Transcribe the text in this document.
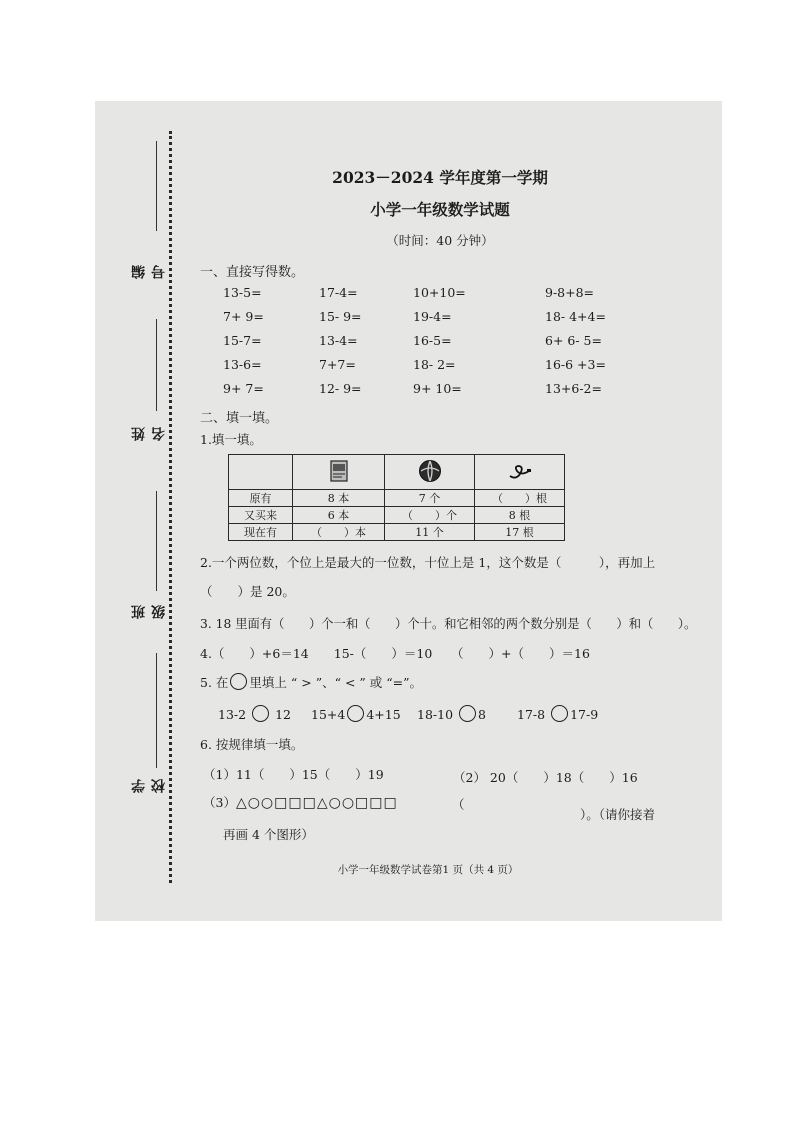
编号
姓名
班级
学校
2023－2024 学年度第一学期
小学一年级数学试题
（时间：40 分钟）
一、直接写得数。
13-5=	17-4=	10+10=	9-8+8=
7+ 9=	15- 9=	19-4=	18- 4+4=
15-7=	13-4=	16-5=	6+ 6- 5=
13-6=	7+7=	18- 2=	16-6 +3=
9+ 7=	12- 9=	9+ 10=	13+6-2=
二、填一填。
1.填一填。

原有	8 本	7 个	（　　）根
又买来	6 本	（　　）个	8 根
现在有	（　　）本	11 个	17 根
2.一个两位数，个位上是最大的一位数，十位上是 1，这个数是（　　　），再加上
（　　）是 20。
3. 18 里面有（　　）个一和（　　）个十。和它相邻的两个数分别是（　　）和（　　）。
4.（　　）+6＝14　　15-（　　）＝10　　（　　）+（　　）＝16
5. 在 里填上 “ > ”、“ < ” 或 “=”。
13-2 12 15+4 4+15 18-10 8 17-8 17-9
6. 按规律填一填。
（1）11（　　）15（　　）19	（2） 20（　　）18（　　）16
（3）△○○□□□△○○□□□	（
）。（请你接着
再画 4 个图形）
小学一年级数学试卷第1 页（共 4 页）
